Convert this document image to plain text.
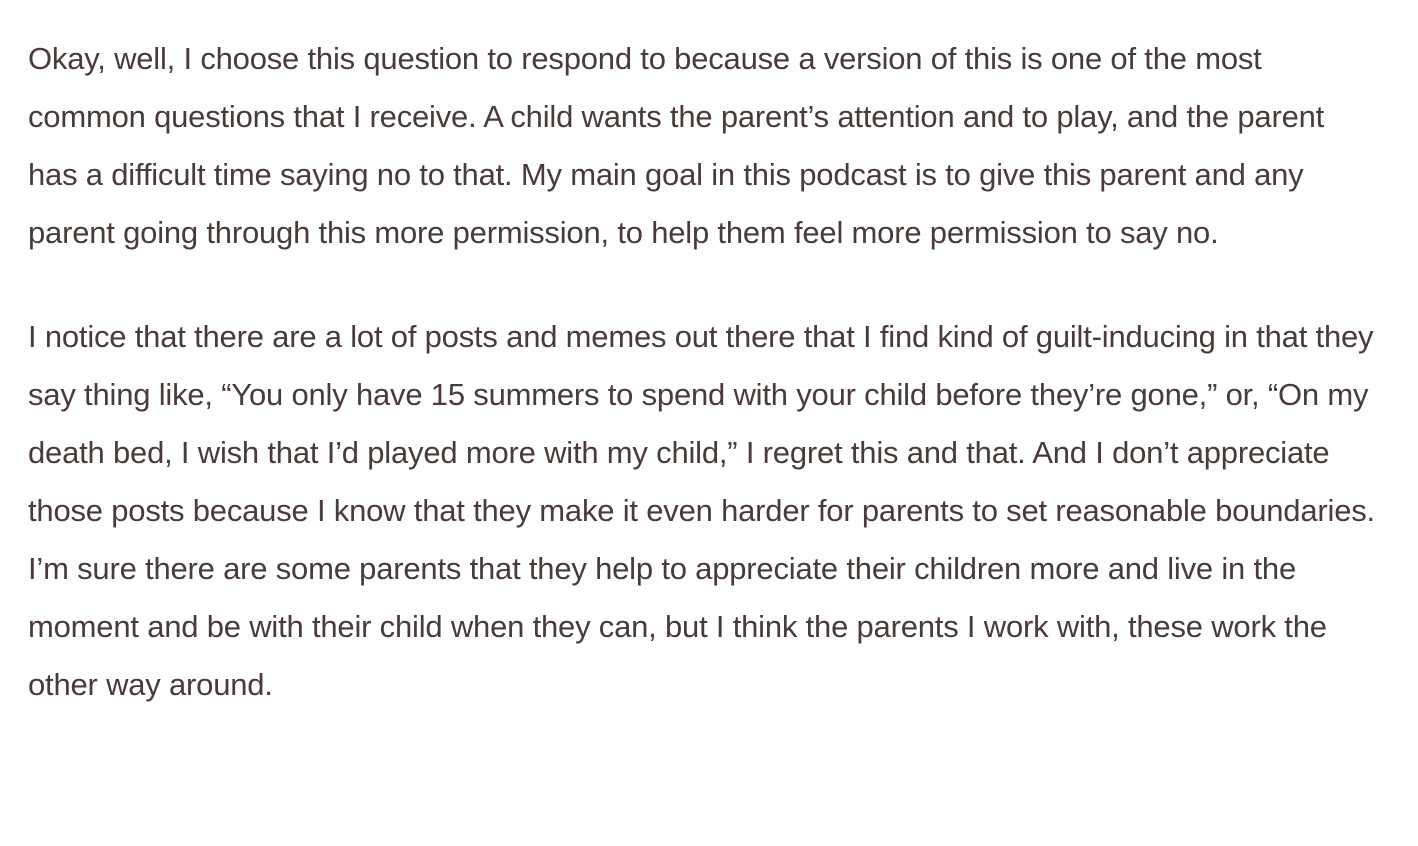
Okay, well, I choose this question to respond to because a version of this is one of the most common questions that I receive. A child wants the parent’s attention and to play, and the parent has a difficult time saying no to that. My main goal in this podcast is to give this parent and any parent going through this more permission, to help them feel more permission to say no.

I notice that there are a lot of posts and memes out there that I find kind of guilt-inducing in that they say thing like, “You only have 15 summers to spend with your child before they’re gone,” or, “On my death bed, I wish that I’d played more with my child,” I regret this and that. And I don’t appreciate those posts because I know that they make it even harder for parents to set reasonable boundaries. I’m sure there are some parents that they help to appreciate their children more and live in the moment and be with their child when they can, but I think the parents I work with, these work the other way around.
